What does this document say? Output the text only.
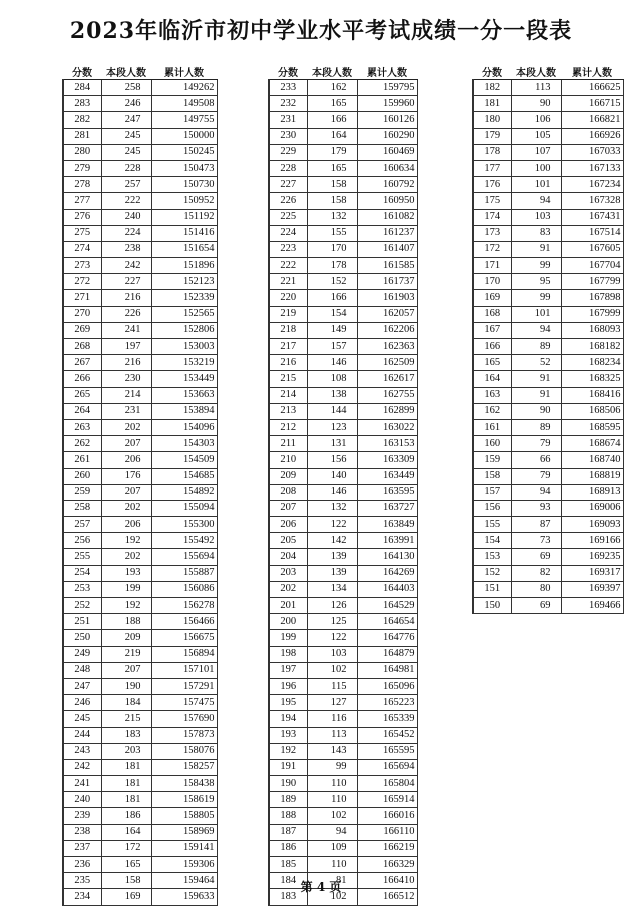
2023年临沂市初中学业水平考试成绩一分一段表
分数	本段人数	累计人数
284	258	149262
283	246	149508
282	247	149755
281	245	150000
280	245	150245
279	228	150473
278	257	150730
277	222	150952
276	240	151192
275	224	151416
274	238	151654
273	242	151896
272	227	152123
271	216	152339
270	226	152565
269	241	152806
268	197	153003
267	216	153219
266	230	153449
265	214	153663
264	231	153894
263	202	154096
262	207	154303
261	206	154509
260	176	154685
259	207	154892
258	202	155094
257	206	155300
256	192	155492
255	202	155694
254	193	155887
253	199	156086
252	192	156278
251	188	156466
250	209	156675
249	219	156894
248	207	157101
247	190	157291
246	184	157475
245	215	157690
244	183	157873
243	203	158076
242	181	158257
241	181	158438
240	181	158619
239	186	158805
238	164	158969
237	172	159141
236	165	159306
235	158	159464
234	169	159633
分数	本段人数	累计人数
233	162	159795
232	165	159960
231	166	160126
230	164	160290
229	179	160469
228	165	160634
227	158	160792
226	158	160950
225	132	161082
224	155	161237
223	170	161407
222	178	161585
221	152	161737
220	166	161903
219	154	162057
218	149	162206
217	157	162363
216	146	162509
215	108	162617
214	138	162755
213	144	162899
212	123	163022
211	131	163153
210	156	163309
209	140	163449
208	146	163595
207	132	163727
206	122	163849
205	142	163991
204	139	164130
203	139	164269
202	134	164403
201	126	164529
200	125	164654
199	122	164776
198	103	164879
197	102	164981
196	115	165096
195	127	165223
194	116	165339
193	113	165452
192	143	165595
191	99	165694
190	110	165804
189	110	165914
188	102	166016
187	94	166110
186	109	166219
185	110	166329
184	81	166410
183	102	166512
分数	本段人数	累计人数
182	113	166625
181	90	166715
180	106	166821
179	105	166926
178	107	167033
177	100	167133
176	101	167234
175	94	167328
174	103	167431
173	83	167514
172	91	167605
171	99	167704
170	95	167799
169	99	167898
168	101	167999
167	94	168093
166	89	168182
165	52	168234
164	91	168325
163	91	168416
162	90	168506
161	89	168595
160	79	168674
159	66	168740
158	79	168819
157	94	168913
156	93	169006
155	87	169093
154	73	169166
153	69	169235
152	82	169317
151	80	169397
150	69	169466
第 4 页
